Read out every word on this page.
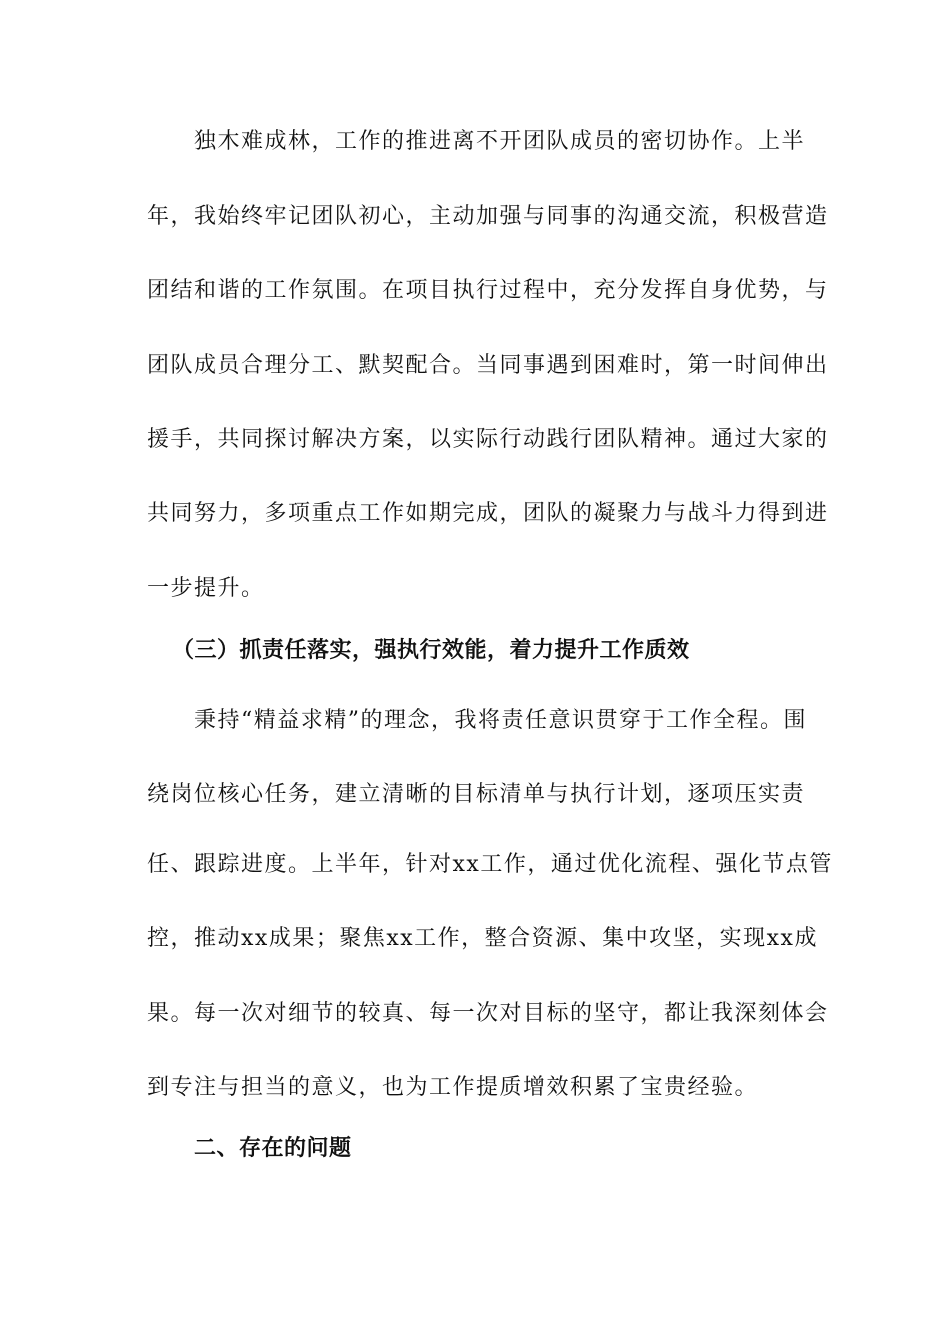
独木难成林，工作的推进离不开团队成员的密切协作。上半
年，我始终牢记团队初心，主动加强与同事的沟通交流，积极营造
团结和谐的工作氛围。在项目执行过程中，充分发挥自身优势，与
团队成员合理分工、默契配合。当同事遇到困难时，第一时间伸出
援手，共同探讨解决方案，以实际行动践行团队精神。通过大家的
共同努力，多项重点工作如期完成，团队的凝聚力与战斗力得到进
一步提升。
（三）抓责任落实，强执行效能，着力提升工作质效
秉持“精益求精”的理念，我将责任意识贯穿于工作全程。围
绕岗位核心任务，建立清晰的目标清单与执行计划，逐项压实责
任、跟踪进度。上半年，针对xx工作，通过优化流程、强化节点管
控，推动xx成果；聚焦xx工作，整合资源、集中攻坚，实现xx成
果。每一次对细节的较真、每一次对目标的坚守，都让我深刻体会
到专注与担当的意义，也为工作提质增效积累了宝贵经验。
二、存在的问题
